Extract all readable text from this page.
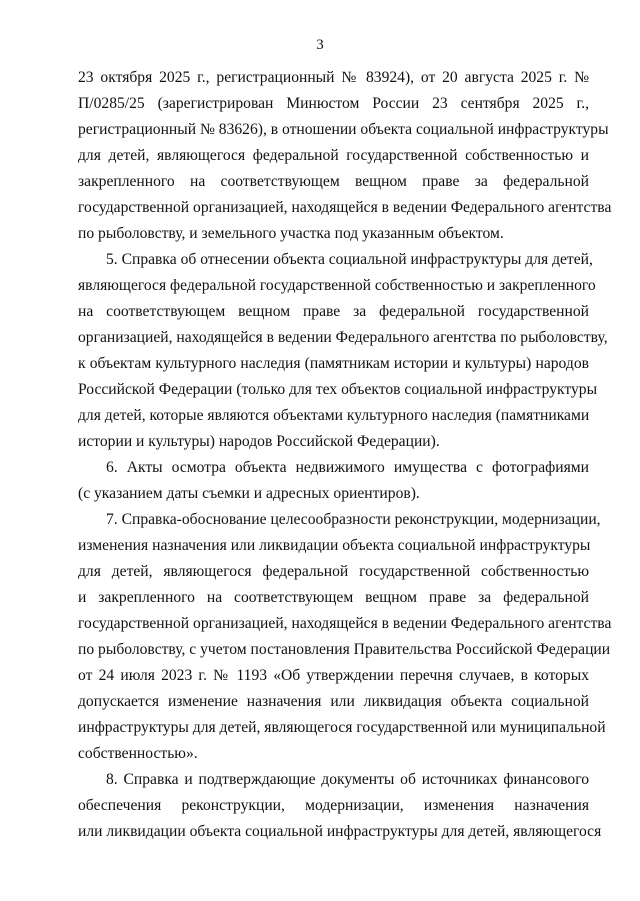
3
23 октября 2025 г., регистрационный № 83924), от 20 августа 2025 г. №
П/0285/25 (зарегистрирован Минюстом России 23 сентября 2025 г.,
регистрационный № 83626), в отношении объекта социальной инфраструктуры
для детей, являющегося федеральной государственной собственностью и
закрепленного на соответствующем вещном праве за федеральной
государственной организацией, находящейся в ведении Федерального агентства
по рыболовству, и земельного участка под указанным объектом.
5. Справка об отнесении объекта социальной инфраструктуры для детей,
являющегося федеральной государственной собственностью и закрепленного
на соответствующем вещном праве за федеральной государственной
организацией, находящейся в ведении Федерального агентства по рыболовству,
к объектам культурного наследия (памятникам истории и культуры) народов
Российской Федерации (только для тех объектов социальной инфраструктуры
для детей, которые являются объектами культурного наследия (памятниками
истории и культуры) народов Российской Федерации).
6. Акты осмотра объекта недвижимого имущества с фотографиями
(с указанием даты съемки и адресных ориентиров).
7. Справка-обоснование целесообразности реконструкции, модернизации,
изменения назначения или ликвидации объекта социальной инфраструктуры
для детей, являющегося федеральной государственной собственностью
и закрепленного на соответствующем вещном праве за федеральной
государственной организацией, находящейся в ведении Федерального агентства
по рыболовству, с учетом постановления Правительства Российской Федерации
от 24 июля 2023 г. № 1193 «Об утверждении перечня случаев, в которых
допускается изменение назначения или ликвидация объекта социальной
инфраструктуры для детей, являющегося государственной или муниципальной
собственностью».
8. Справка и подтверждающие документы об источниках финансового
обеспечения реконструкции, модернизации, изменения назначения
или ликвидации объекта социальной инфраструктуры для детей, являющегося
